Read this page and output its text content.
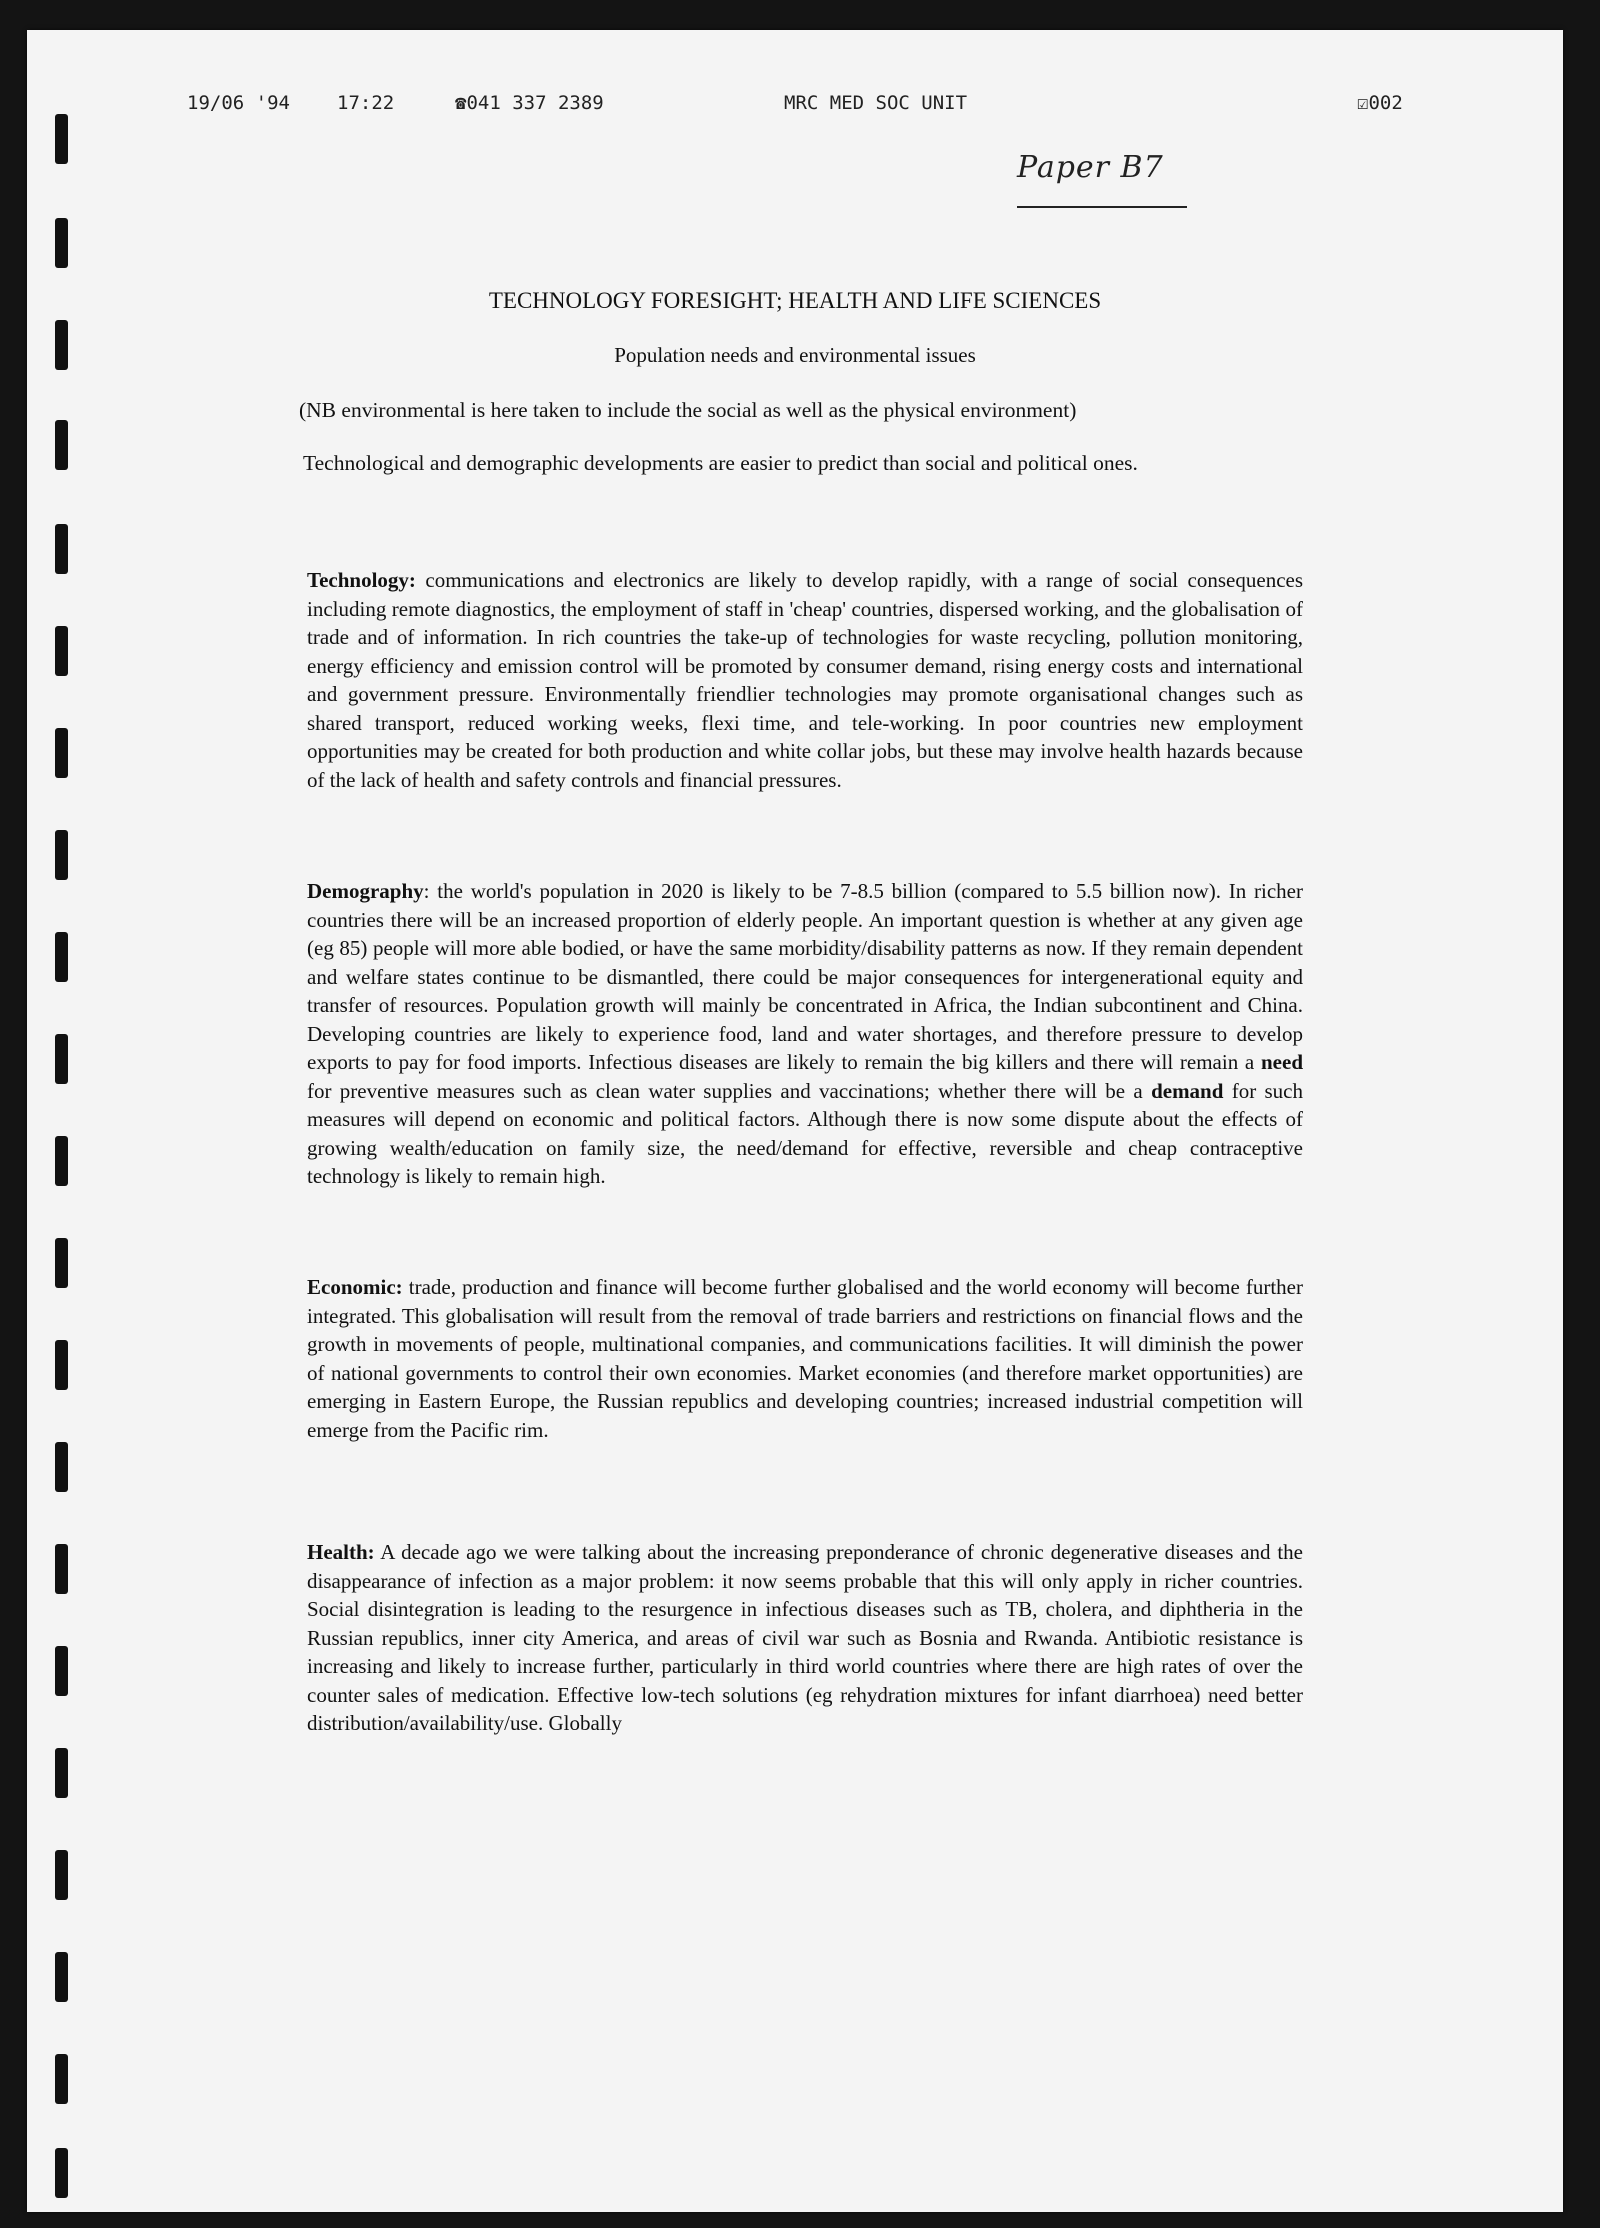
19/06 '94 17:22	☎041 337 2389	MRC MED SOC UNIT	☑002
Paper B7
TECHNOLOGY FORESIGHT; HEALTH AND LIFE SCIENCES
Population needs and environmental issues
(NB environmental is here taken to include the social as well as the physical environment)
Technological and demographic developments are easier to predict than social and political ones.
Technology: communications and electronics are likely to develop rapidly, with a range of social consequences including remote diagnostics, the employment of staff in 'cheap' countries, dispersed working, and the globalisation of trade and of information. In rich countries the take-up of technologies for waste recycling, pollution monitoring, energy efficiency and emission control will be promoted by consumer demand, rising energy costs and international and government pressure. Environmentally friendlier technologies may promote organisational changes such as shared transport, reduced working weeks, flexi time, and tele-working. In poor countries new employment opportunities may be created for both production and white collar jobs, but these may involve health hazards because of the lack of health and safety controls and financial pressures.
Demography: the world's population in 2020 is likely to be 7-8.5 billion (compared to 5.5 billion now). In richer countries there will be an increased proportion of elderly people. An important question is whether at any given age (eg 85) people will more able bodied, or have the same morbidity/disability patterns as now. If they remain dependent and welfare states continue to be dismantled, there could be major consequences for intergenerational equity and transfer of resources. Population growth will mainly be concentrated in Africa, the Indian subcontinent and China. Developing countries are likely to experience food, land and water shortages, and therefore pressure to develop exports to pay for food imports. Infectious diseases are likely to remain the big killers and there will remain a need for preventive measures such as clean water supplies and vaccinations; whether there will be a demand for such measures will depend on economic and political factors. Although there is now some dispute about the effects of growing wealth/education on family size, the need/demand for effective, reversible and cheap contraceptive technology is likely to remain high.
Economic: trade, production and finance will become further globalised and the world economy will become further integrated. This globalisation will result from the removal of trade barriers and restrictions on financial flows and the growth in movements of people, multinational companies, and communications facilities. It will diminish the power of national governments to control their own economies. Market economies (and therefore market opportunities) are emerging in Eastern Europe, the Russian republics and developing countries; increased industrial competition will emerge from the Pacific rim.
Health: A decade ago we were talking about the increasing preponderance of chronic degenerative diseases and the disappearance of infection as a major problem: it now seems probable that this will only apply in richer countries. Social disintegration is leading to the resurgence in infectious diseases such as TB, cholera, and diphtheria in the Russian republics, inner city America, and areas of civil war such as Bosnia and Rwanda. Antibiotic resistance is increasing and likely to increase further, particularly in third world countries where there are high rates of over the counter sales of medication. Effective low-tech solutions (eg rehydration mixtures for infant diarrhoea) need better distribution/availability/use. Globally
